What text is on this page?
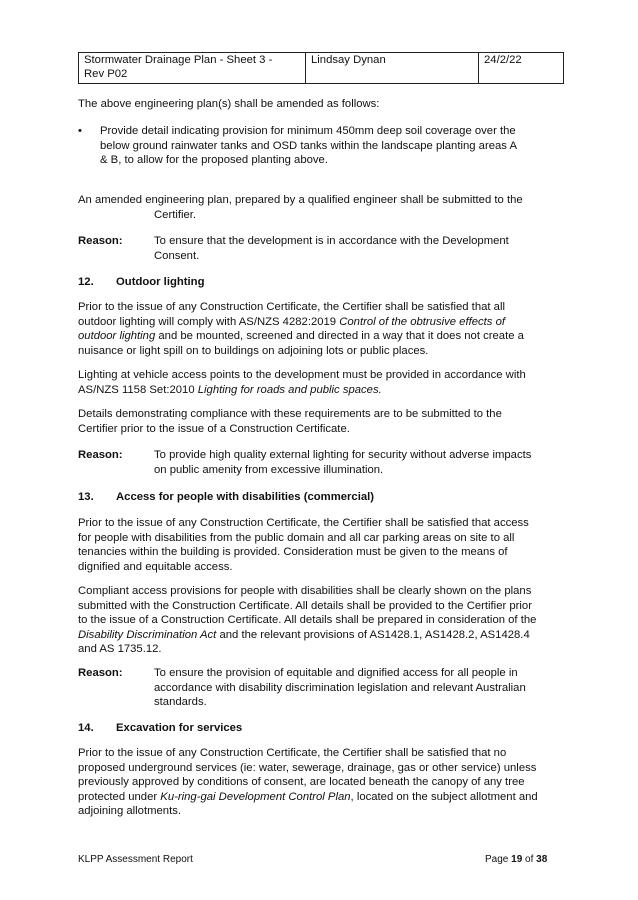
Stormwater Drainage Plan - Sheet 3 -
Rev P02	Lindsay Dynan	24/2/22
The above engineering plan(s) shall be amended as follows:
• Provide detail indicating provision for minimum 450mm deep soil coverage over the
below ground rainwater tanks and OSD tanks within the landscape planting areas A
& B, to allow for the proposed planting above.
An amended engineering plan, prepared by a qualified engineer shall be submitted to the
Certifier.
Reason:	To ensure that the development is in accordance with the Development
Consent.
12. Outdoor lighting
Prior to the issue of any Construction Certificate, the Certifier shall be satisfied that all
outdoor lighting will comply with AS/NZS 4282:2019 Control of the obtrusive effects of
outdoor lighting and be mounted, screened and directed in a way that it does not create a
nuisance or light spill on to buildings on adjoining lots or public places.
Lighting at vehicle access points to the development must be provided in accordance with
AS/NZS 1158 Set:2010 Lighting for roads and public spaces.
Details demonstrating compliance with these requirements are to be submitted to the
Certifier prior to the issue of a Construction Certificate.
Reason:	To provide high quality external lighting for security without adverse impacts
on public amenity from excessive illumination.
13. Access for people with disabilities (commercial)
Prior to the issue of any Construction Certificate, the Certifier shall be satisfied that access
for people with disabilities from the public domain and all car parking areas on site to all
tenancies within the building is provided. Consideration must be given to the means of
dignified and equitable access.
Compliant access provisions for people with disabilities shall be clearly shown on the plans
submitted with the Construction Certificate. All details shall be provided to the Certifier prior
to the issue of a Construction Certificate. All details shall be prepared in consideration of the
Disability Discrimination Act and the relevant provisions of AS1428.1, AS1428.2, AS1428.4
and AS 1735.12.
Reason:	To ensure the provision of equitable and dignified access for all people in
accordance with disability discrimination legislation and relevant Australian
standards.
14. Excavation for services
Prior to the issue of any Construction Certificate, the Certifier shall be satisfied that no
proposed underground services (ie: water, sewerage, drainage, gas or other service) unless
previously approved by conditions of consent, are located beneath the canopy of any tree
protected under Ku-ring-gai Development Control Plan, located on the subject allotment and
adjoining allotments.
KLPP Assessment Report	Page 19 of 38
